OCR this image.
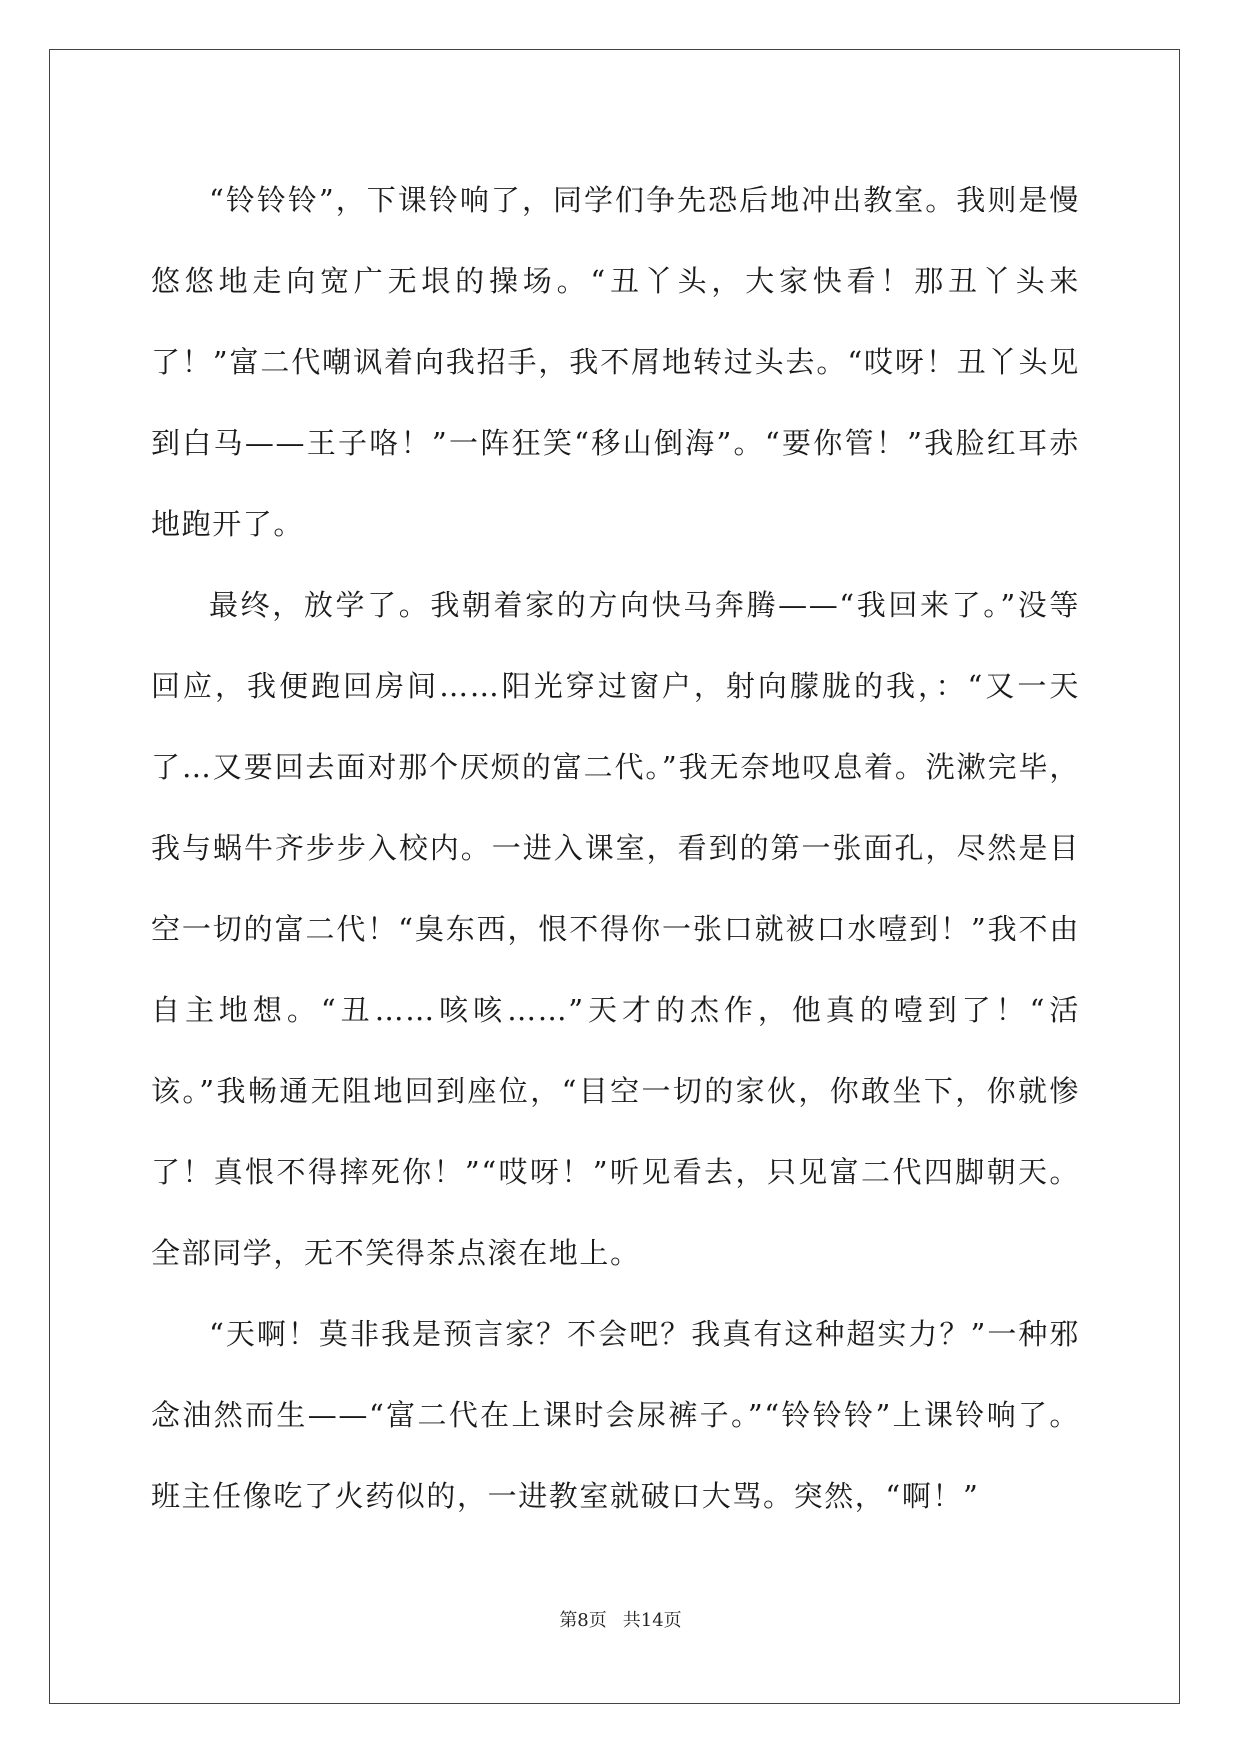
“铃铃铃”，下课铃响了，同学们争先恐后地冲出教室。我则是慢悠悠地走向宽广无垠的操场。“丑丫头，大家快看！那丑丫头来了！”富二代嘲讽着向我招手，我不屑地转过头去。“哎呀！丑丫头见到白马——王子咯！”一阵狂笑“移山倒海”。“要你管！”我脸红耳赤地跑开了。

最终，放学了。我朝着家的方向快马奔腾——“我回来了。”没等回应，我便跑回房间……阳光穿过窗户，射向朦胧的我，：“又一天了…又要回去面对那个厌烦的富二代。”我无奈地叹息着。洗漱完毕，我与蜗牛齐步步入校内。一进入课室，看到的第一张面孔，尽然是目空一切的富二代！“臭东西，恨不得你一张口就被口水噎到！”我不由自主地想。“丑……咳咳……”天才的杰作，他真的噎到了！“活该。”我畅通无阻地回到座位，“目空一切的家伙，你敢坐下，你就惨了！真恨不得摔死你！”“哎呀！”听见看去，只见富二代四脚朝天。全部同学，无不笑得茶点滚在地上。

“天啊！莫非我是预言家？不会吧？我真有这种超实力？”一种邪念油然而生——“富二代在上课时会尿裤子。”“铃铃铃”上课铃响了。班主任像吃了火药似的，一进教室就破口大骂。突然，“啊！”

第8页 共14页
